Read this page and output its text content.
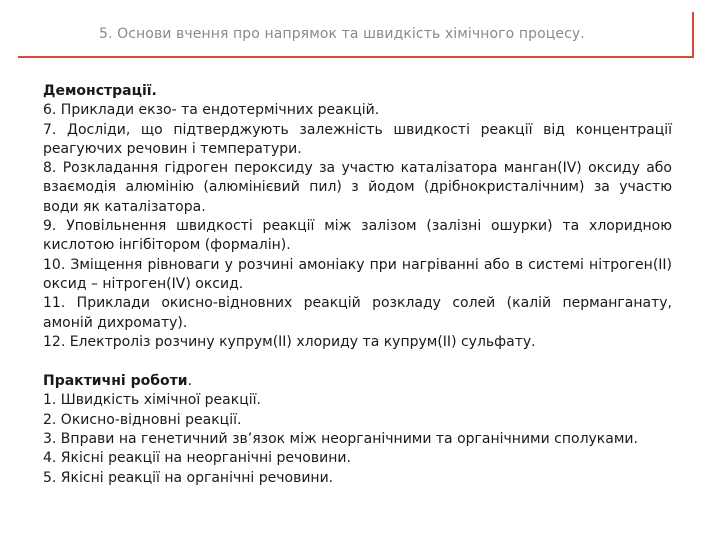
5. Основи вчення про напрямок та швидкість хімічного процесу.

Демонстрації.

6. Приклади екзо- та ендотермічних реакцій.

7. Досліди, що підтверджують залежність швидкості реакції від концентрації реагуючих речовин і температури.

8. Розкладання гідроген пероксиду за участю каталізатора манган(IV) оксиду або взаємодія алюмінію (алюмінієвий пил) з йодом (дрібнокристалічним) за участю води як каталізатора.

9. Уповільнення швидкості реакції між залізом (залізні ошурки) та хлоридною кислотою інгібітором (формалін).

10. Зміщення рівноваги у розчині амоніаку при нагріванні або в системі нітроген(II) оксид – нітроген(IV) оксид.

11. Приклади окисно-відновних реакцій розкладу солей (калій перманганату, амоній дихромату).

12. Електроліз розчину купрум(II) хлориду та купрум(II) сульфату.

Практичні роботи.

1. Швидкість хімічної реакції.

2. Окисно-відновні реакції.

3. Вправи на генетичний зв’язок між неорганічними та органічними сполуками.

4. Якісні реакції на неорганічні речовини.

5. Якісні реакції на органічні речовини.
